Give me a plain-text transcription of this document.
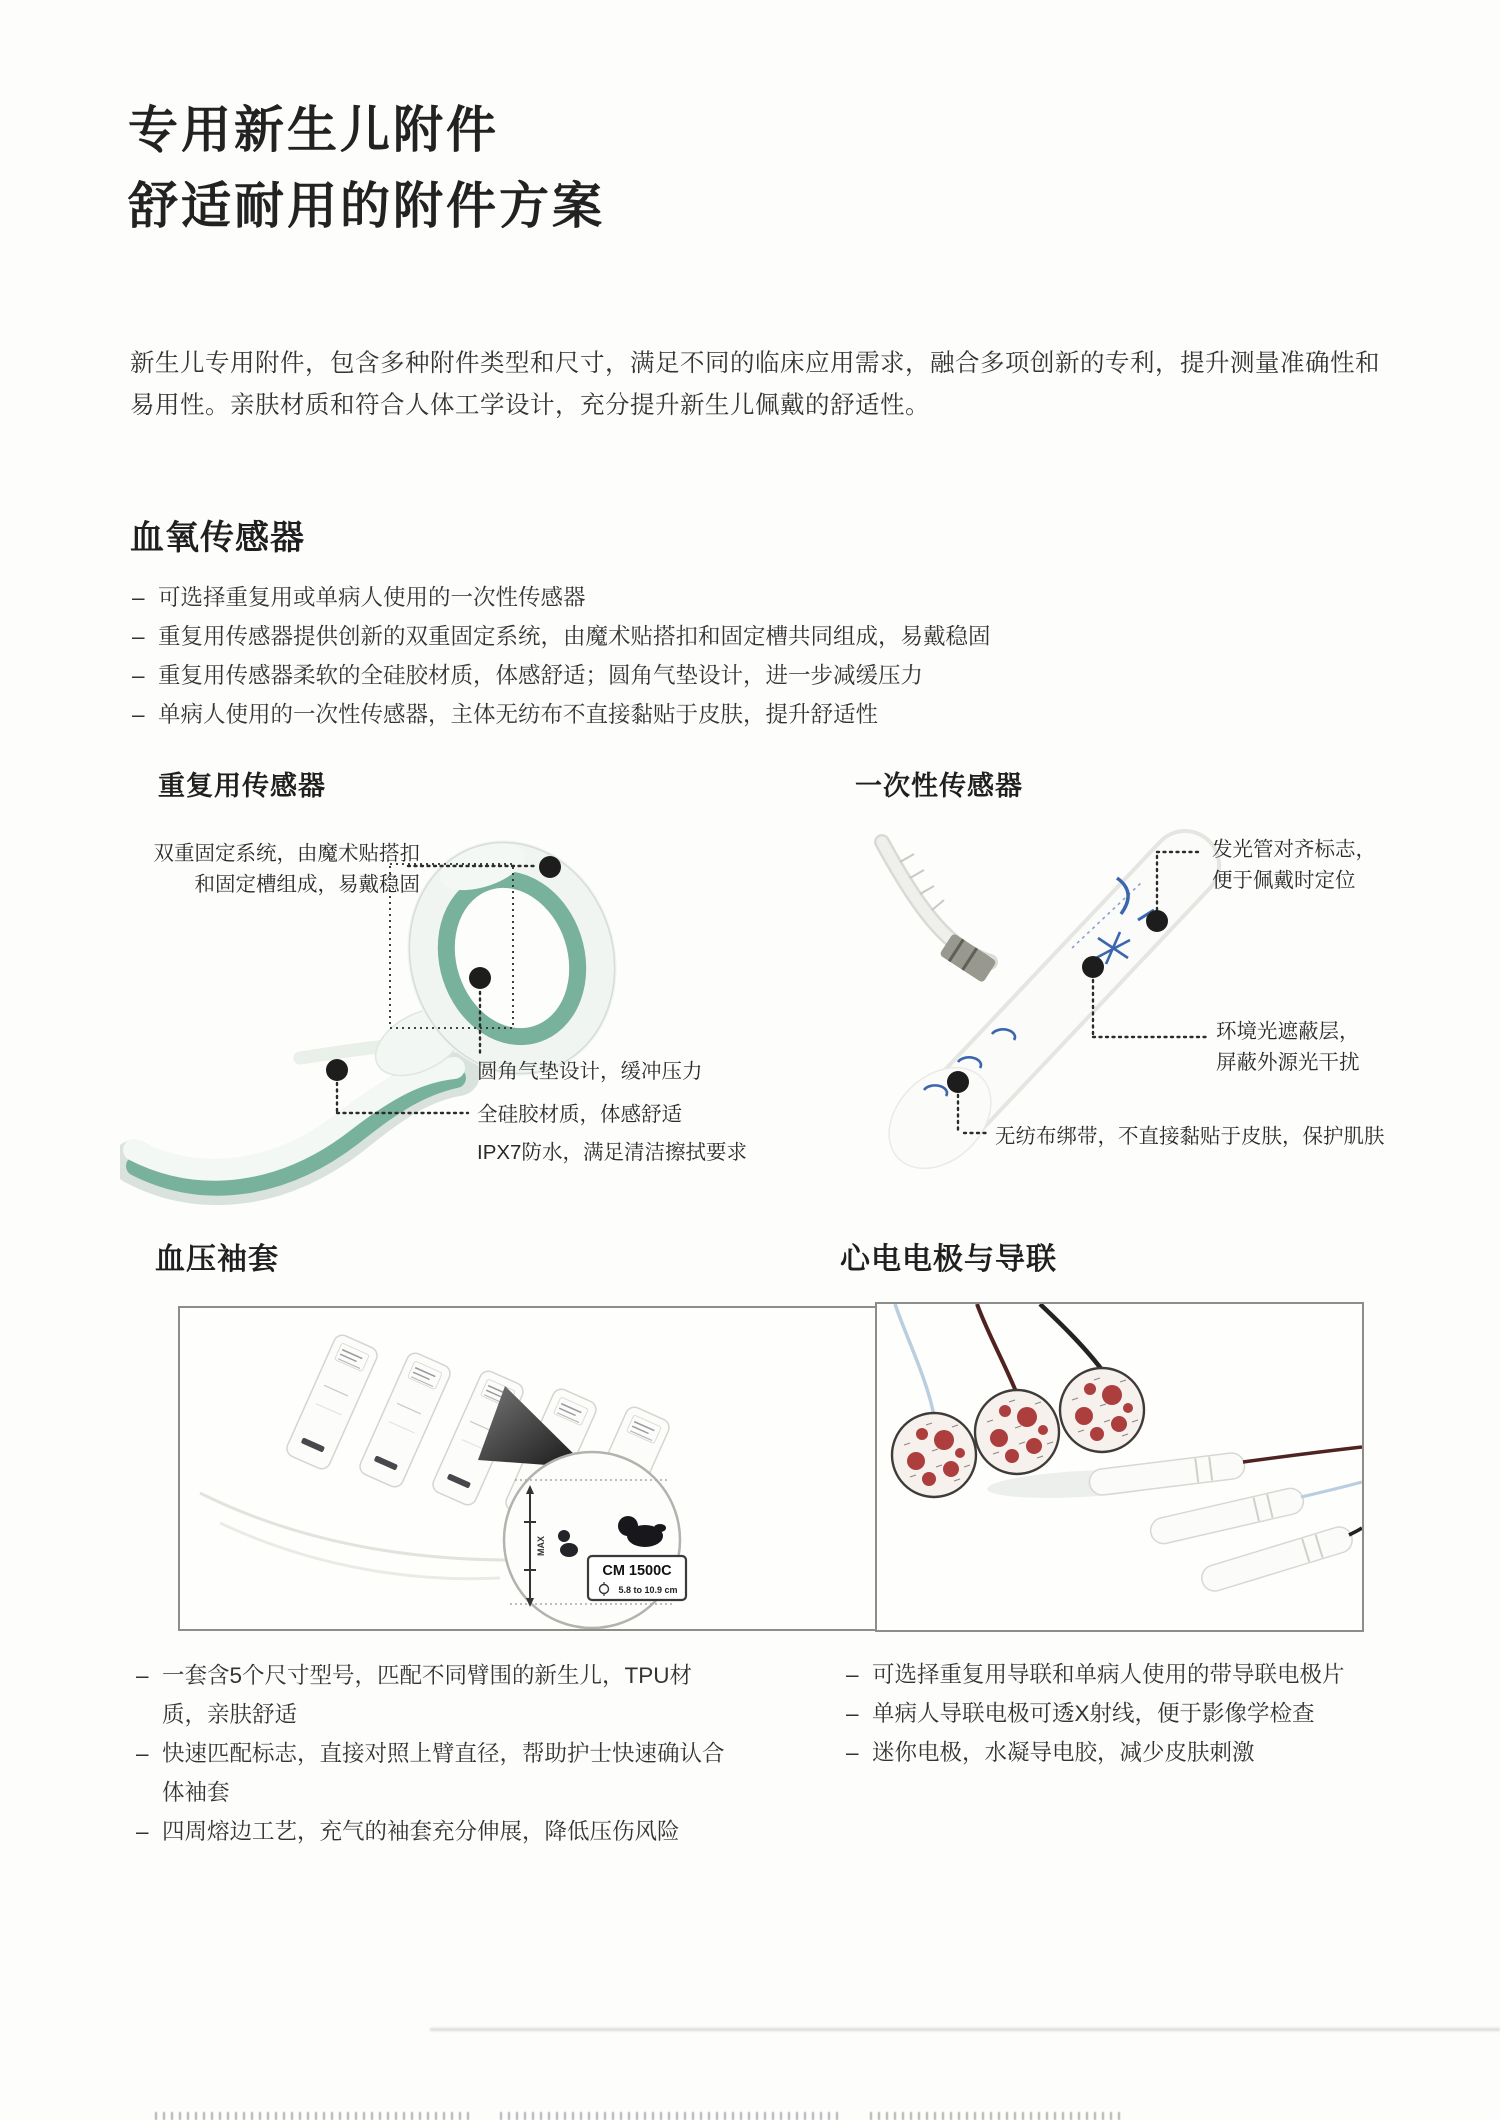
专用新生儿附件
舒适耐用的附件方案
新生儿专用附件，包含多种附件类型和尺寸，满足不同的临床应用需求，融合多项创新的专利，提升测量准确性和易用性。亲肤材质和符合人体工学设计，充分提升新生儿佩戴的舒适性。
血氧传感器
– 可选择重复用或单病人使用的一次性传感器
– 重复用传感器提供创新的双重固定系统，由魔术贴搭扣和固定槽共同组成，易戴稳固
– 重复用传感器柔软的全硅胶材质，体感舒适；圆角气垫设计，进一步减缓压力
– 单病人使用的一次性传感器，主体无纺布不直接黏贴于皮肤，提升舒适性
重复用传感器	一次性传感器
双重固定系统，由魔术贴搭扣
和固定槽组成，易戴稳固
圆角气垫设计，缓冲压力
全硅胶材质，体感舒适
IPX7防水，满足清洁擦拭要求
发光管对齐标志，
便于佩戴时定位
环境光遮蔽层，
屏蔽外源光干扰
无纺布绑带，不直接黏贴于皮肤，保护肌肤
血压袖套	心电电极与导联
MAX
CM 1500C
5.8 to 10.9 cm
– 一套含5个尺寸型号，匹配不同臂围的新生儿，TPU材质，亲肤舒适
– 快速匹配标志，直接对照上臂直径，帮助护士快速确认合体袖套
– 四周熔边工艺，充气的袖套充分伸展，降低压伤风险
– 可选择重复用导联和单病人使用的带导联电极片
– 单病人导联电极可透X射线，便于影像学检查
– 迷你电极，水凝导电胶，减少皮肤刺激
